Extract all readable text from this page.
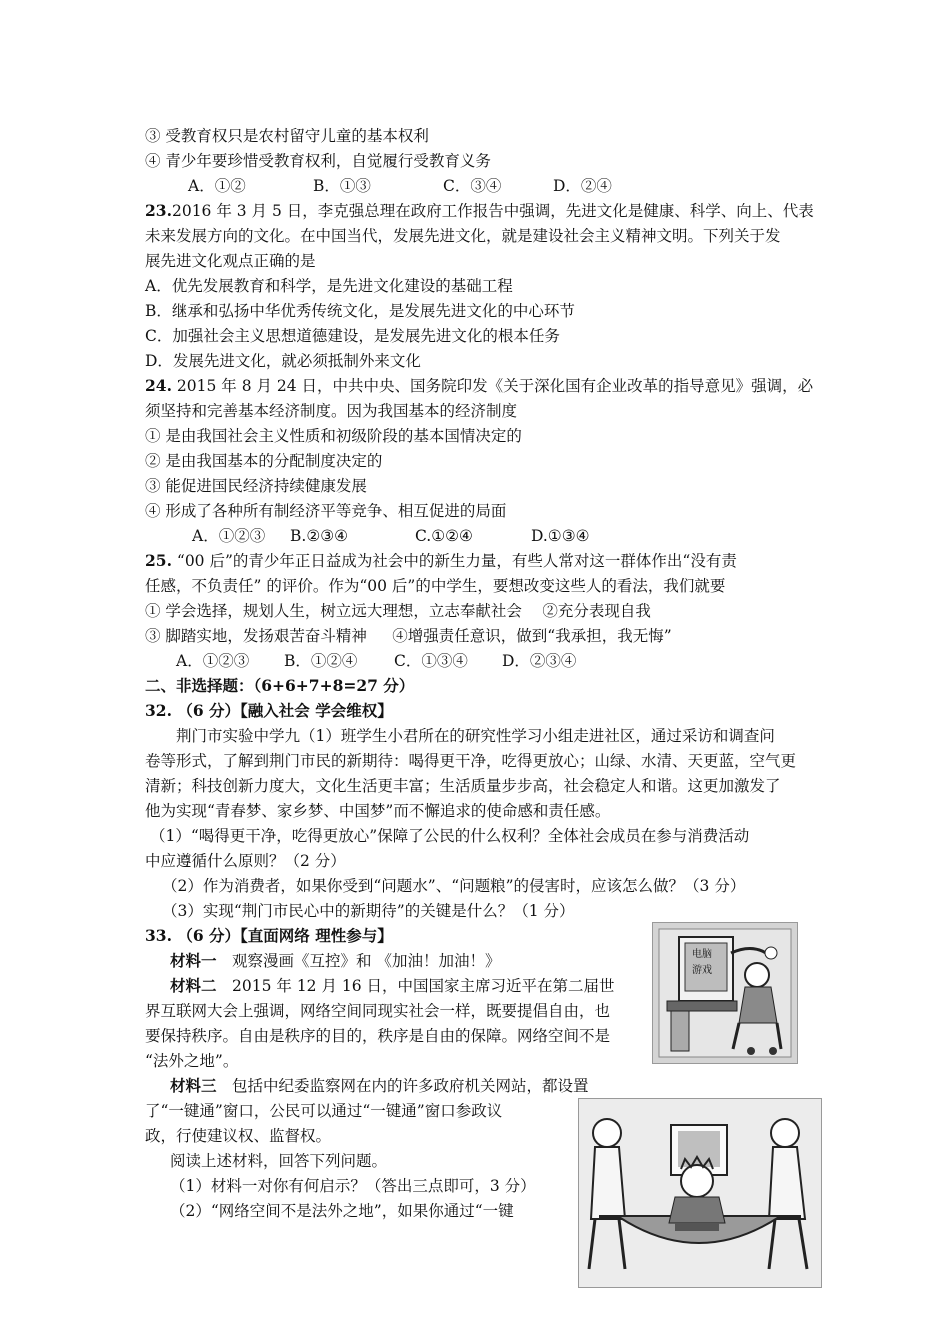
③ 受教育权只是农村留守儿童的基本权利
④ 青少年要珍惜受教育权利，自觉履行受教育义务
A．①②	B．①③	C．③④	D．②④
23.2016 年 3 月 5 日，李克强总理在政府工作报告中强调，先进文化是健康、科学、向上、代表
未来发展方向的文化。在中国当代，发展先进文化，就是建设社会主义精神文明。下列关于发
展先进文化观点正确的是
A．优先发展教育和科学，是先进文化建设的基础工程
B．继承和弘扬中华优秀传统文化，是发展先进文化的中心环节
C．加强社会主义思想道德建设，是发展先进文化的根本任务
D．发展先进文化，就必须抵制外来文化
24. 2015 年 8 月 24 日，中共中央、国务院印发《关于深化国有企业改革的指导意见》强调，必
须坚持和完善基本经济制度。因为我国基本的经济制度
① 是由我国社会主义性质和初级阶段的基本国情决定的
② 是由我国基本的分配制度决定的
③ 能促进国民经济持续健康发展
④ 形成了各种所有制经济平等竞争、相互促进的局面
A．①②③ B.②③④	C.①②④	D.①③④
25. “00 后”的青少年正日益成为社会中的新生力量，有些人常对这一群体作出“没有责
任感，不负责任” 的评价。作为“00 后”的中学生，要想改变这些人的看法，我们就要
① 学会选择，规划人生，树立远大理想，立志奉献社会 　②充分表现自我
③ 脚踏实地，发扬艰苦奋斗精神 　 ④增强责任意识，做到“我承担，我无悔”
A．①②③ B．①②④ C．①③④ D．②③④
二、非选择题：（6+6+7+8=27 分）
32. （6 分）【融入社会 学会维权】
荆门市实验中学九（1）班学生小君所在的研究性学习小组走进社区，通过采访和调查问
卷等形式，了解到荆门市民的新期待：喝得更干净，吃得更放心；山绿、水清、天更蓝，空气更
清新；科技创新力度大，文化生活更丰富；生活质量步步高，社会稳定人和谐。这更加激发了
他为实现“青春梦、家乡梦、中国梦”而不懈追求的使命感和责任感。
（1）“喝得更干净，吃得更放心”保障了公民的什么权利？全体社会成员在参与消费活动
中应遵循什么原则？（2 分）
（2）作为消费者，如果你受到“问题水”、“问题粮”的侵害时，应该怎么做？（3 分）
（3）实现“荆门市民心中的新期待”的关键是什么？（1 分）
33. （6 分）【直面网络 理性参与】
材料一　观察漫画《互控》和 《加油！加油！》
材料二　2015 年 12 月 16 日，中国国家主席习近平在第二届世
界互联网大会上强调，网络空间同现实社会一样，既要提倡自由，也
要保持秩序。自由是秩序的目的，秩序是自由的保障。网络空间不是
“法外之地”。
材料三　包括中纪委监察网在内的许多政府机关网站，都设置
了“一键通”窗口，公民可以通过“一键通”窗口参政议
政，行使建议权、监督权。
阅读上述材料，回答下列问题。
（1）材料一对你有何启示？（答出三点即可，3 分）
（2）“网络空间不是法外之地”，如果你通过“一键
电脑
游戏
